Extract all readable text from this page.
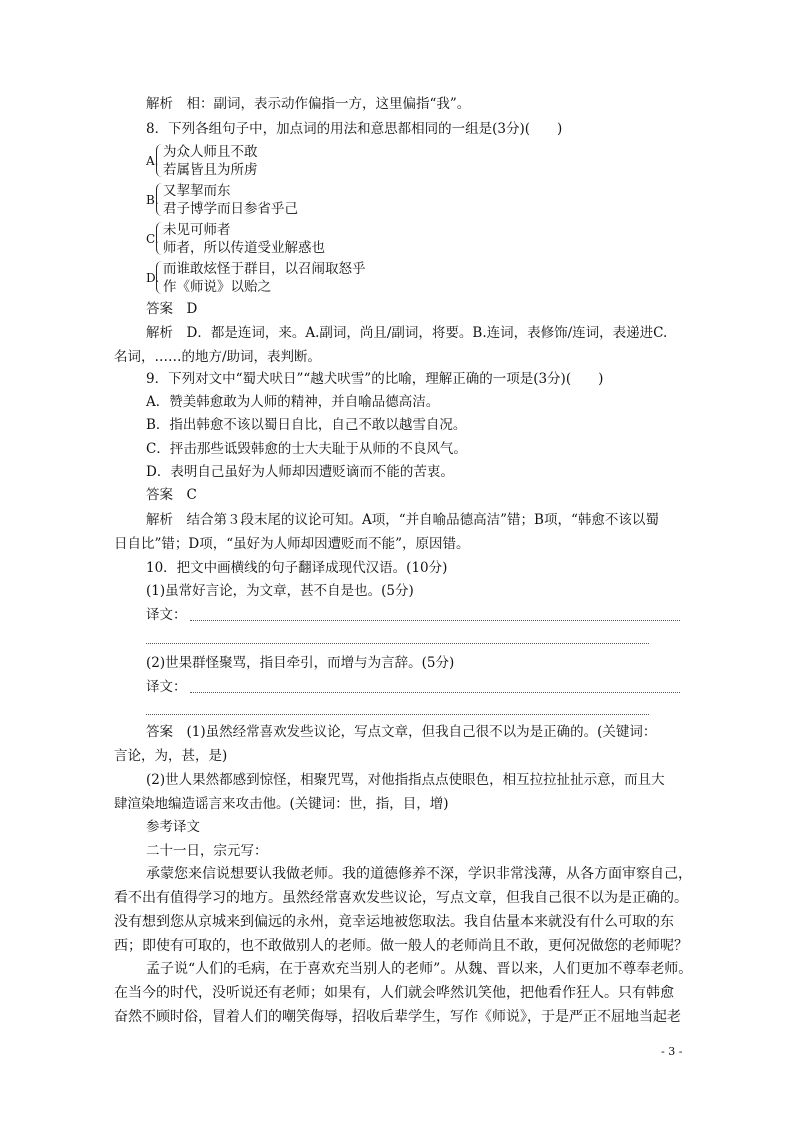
解析　相：副词，表示动作偏指一方，这里偏指“我”。
8．下列各组句子中，加点词的用法和意思都相同的一组是(3分)(　　)
A.
为众人师且不敢
若属皆且为所虏
B.
又挈挈而东
君子博学而日参省乎己
C.
未见可师者
师者，所以传道受业解惑也
D.
而谁敢炫怪于群目，以召闹取怒乎
作《师说》以贻之
答案　D
解析　D．都是连词，来。A.副词，尚且/副词，将要。B.连词，表修饰/连词，表递进C.
名词，……的地方/助词，表判断。
9．下列对文中“蜀犬吠日”“越犬吠雪”的比喻，理解正确的一项是(3分)(　　)
A．赞美韩愈敢为人师的精神，并自喻品德高洁。
B．指出韩愈不该以蜀日自比，自己不敢以越雪自况。
C．抨击那些诋毁韩愈的士大夫耻于从师的不良风气。
D．表明自己虽好为人师却因遭贬谪而不能的苦衷。
答案　C
解析　结合第３段末尾的议论可知。A项，“并自喻品德高洁”错；B项，“韩愈不该以蜀
日自比”错；D项，“虽好为人师却因遭贬而不能”，原因错。
10．把文中画横线的句子翻译成现代汉语。(10分)
(1)虽常好言论，为文章，甚不自是也。(5分)
译文：
(2)世果群怪聚骂，指目牵引，而增与为言辞。(5分)
译文：
答案　(1)虽然经常喜欢发些议论，写点文章，但我自己很不以为是正确的。(关键词：
言论，为，甚，是)
(2)世人果然都感到惊怪，相聚咒骂，对他指指点点使眼色，相互拉拉扯扯示意，而且大
肆渲染地编造谣言来攻击他。(关键词：世，指，目，增)
参考译文
二十一日，宗元写：
承蒙您来信说想要认我做老师。我的道德修养不深，学识非常浅薄，从各方面审察自己，
看不出有值得学习的地方。虽然经常喜欢发些议论，写点文章，但我自己很不以为是正确的。
没有想到您从京城来到偏远的永州，竟幸运地被您取法。我自估量本来就没有什么可取的东
西；即使有可取的，也不敢做别人的老师。做一般人的老师尚且不敢，更何况做您的老师呢？
孟子说“人们的毛病，在于喜欢充当别人的老师”。从魏、晋以来，人们更加不尊奉老师。
在当今的时代，没听说还有老师；如果有，人们就会哗然讥笑他，把他看作狂人。只有韩愈
奋然不顾时俗，冒着人们的嘲笑侮辱，招收后辈学生，写作《师说》，于是严正不屈地当起老
- 3 -
